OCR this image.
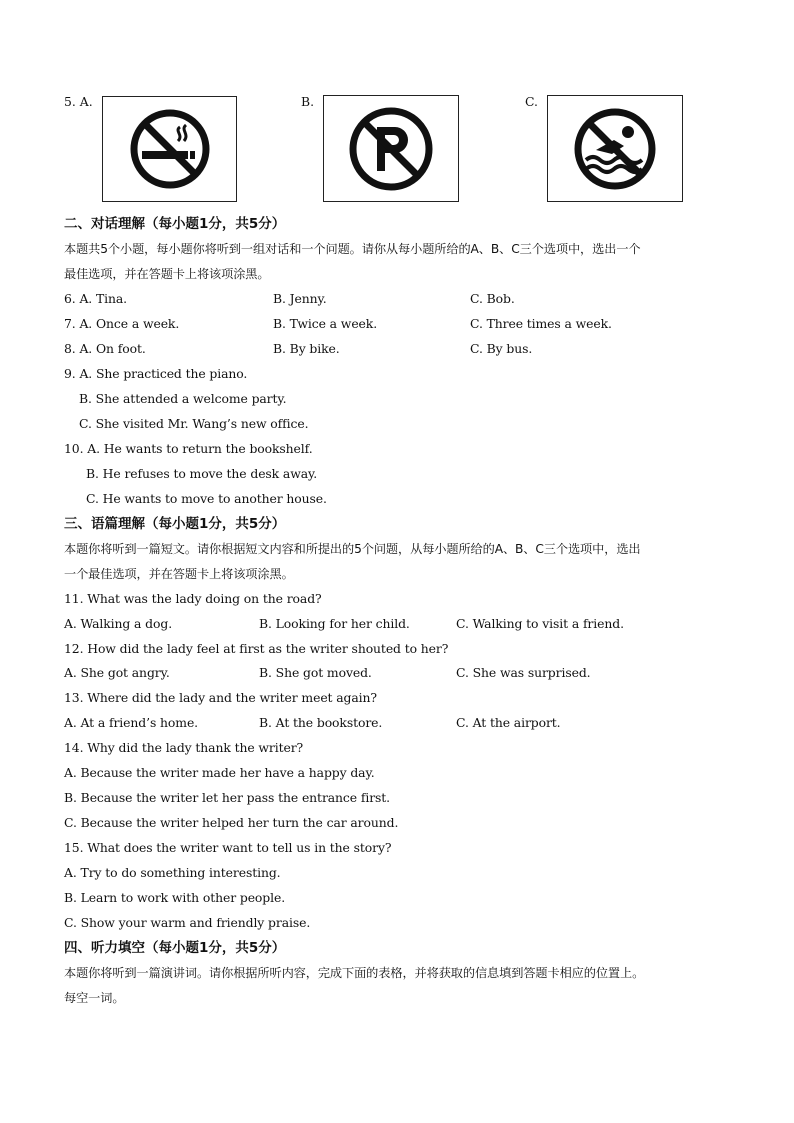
5. A.	B.	C.
二、对话理解（每小题1分，共5分）
本题共5个小题，每小题你将听到一组对话和一个问题。请你从每小题所给的A、B、C三个选项中，选出一个
最佳选项，并在答题卡上将该项涂黑。
6. A. Tina.	B. Jenny.	C. Bob.
7. A. Once a week.	B. Twice a week.	C. Three times a week.
8. A. On foot.	B. By bike.	C. By bus.
9. A. She practiced the piano.
B. She attended a welcome party.
C. She visited Mr. Wang’s new office.
10. A. He wants to return the bookshelf.
B. He refuses to move the desk away.
C. He wants to move to another house.
三、语篇理解（每小题1分，共5分）
本题你将听到一篇短文。请你根据短文内容和所提出的5个问题，从每小题所给的A、B、C三个选项中，选出
一个最佳选项，并在答题卡上将该项涂黑。
11. What was the lady doing on the road?
A. Walking a dog.	B. Looking for her child.	C. Walking to visit a friend.
12. How did the lady feel at first as the writer shouted to her?
A. She got angry.	B. She got moved.	C. She was surprised.
13. Where did the lady and the writer meet again?
A. At a friend’s home.	B. At the bookstore.	C. At the airport.
14. Why did the lady thank the writer?
A. Because the writer made her have a happy day.
B. Because the writer let her pass the entrance first.
C. Because the writer helped her turn the car around.
15. What does the writer want to tell us in the story?
A. Try to do something interesting.
B. Learn to work with other people.
C. Show your warm and friendly praise.
四、听力填空（每小题1分，共5分）
本题你将听到一篇演讲词。请你根据所听内容，完成下面的表格，并将获取的信息填到答题卡相应的位置上。
每空一词。
